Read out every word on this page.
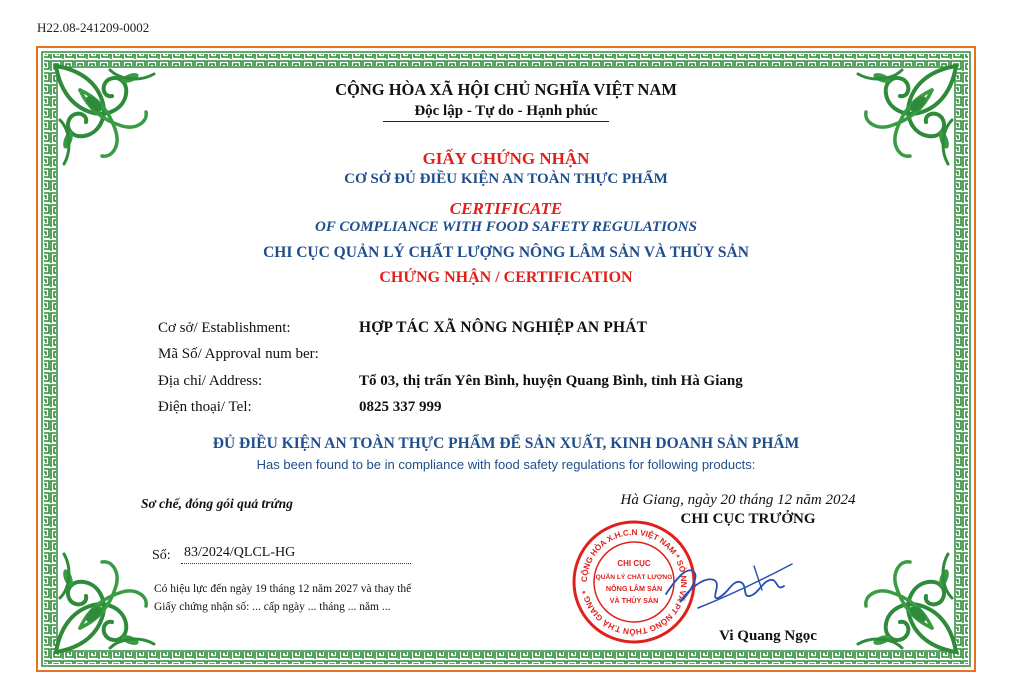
H22.08-241209-0002
CỘNG HÒA XÃ HỘI CHỦ NGHĨA VIỆT NAM
Độc lập - Tự do - Hạnh phúc
GIẤY CHỨNG NHẬN
CƠ SỞ ĐỦ ĐIỀU KIỆN AN TOÀN THỰC PHẨM
CERTIFICATE
OF COMPLIANCE WITH FOOD SAFETY REGULATIONS
CHI CỤC QUẢN LÝ CHẤT LƯỢNG NÔNG LÂM SẢN VÀ THỦY SẢN
CHỨNG NHẬN / CERTIFICATION
Cơ sở/ Establishment:	HỢP TÁC XÃ NÔNG NGHIỆP AN PHÁT
Mã Số/ Approval num ber:
Địa chỉ/ Address:	Tổ 03, thị trấn Yên Bình, huyện Quang Bình, tỉnh Hà Giang
Điện thoại/ Tel:	0825 337 999
ĐỦ ĐIỀU KIỆN AN TOÀN THỰC PHẨM ĐỂ SẢN XUẤT, KINH DOANH SẢN PHẨM
Has been found to be in compliance with food safety regulations for following products:
Sơ chế, đóng gói quả trứng	Hà Giang, ngày 20 tháng 12 năm 2024
CHI CỤC TRƯỞNG
Số: 83/2024/QLCL-HG
Có hiệu lực đến ngày 19 tháng 12 năm 2027 và thay thế
Giấy chứng nhận số: ... cấp ngày ... tháng ... năm ...
CỘNG HÒA X.H.C.N VIỆT NAM * SỞ NN VÀ PT NÔNG THÔN T.HÀ GIANG *
CHI CỤC
QUẢN LÝ CHẤT LƯỢNG
NÔNG LÂM SẢN
VÀ THỦY SẢN
Vi Quang Ngọc
